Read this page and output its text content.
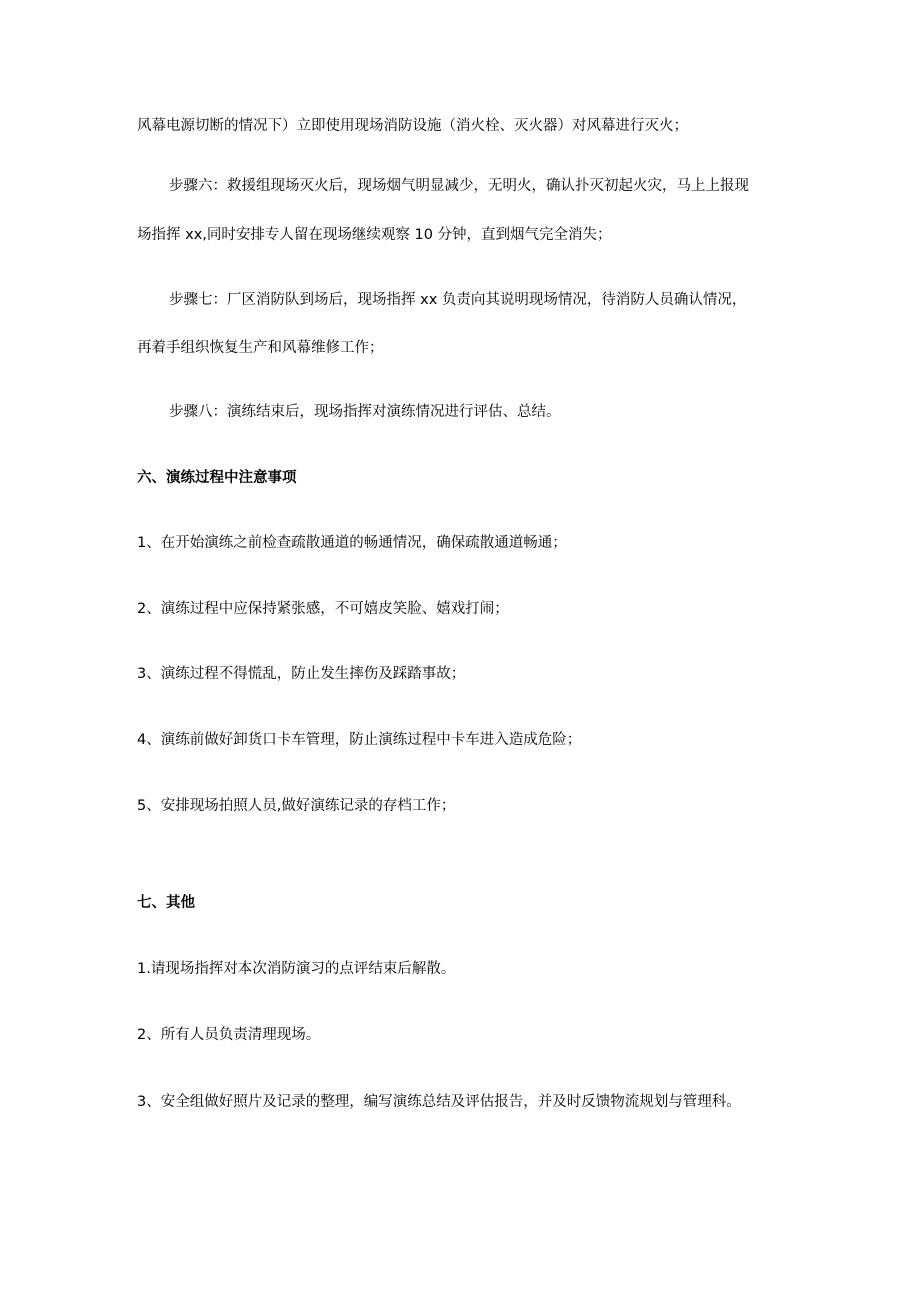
风幕电源切断的情况下）立即使用现场消防设施（消火栓、灭火器）对风幕进行灭火；

步骤六：救援组现场灭火后，现场烟气明显减少，无明火，确认扑灭初起火灾，马上上报现

场指挥 xx,同时安排专人留在现场继续观察 10 分钟，直到烟气完全消失；

步骤七：厂区消防队到场后，现场指挥 xx 负责向其说明现场情况，待消防人员确认情况，

再着手组织恢复生产和风幕维修工作；

步骤八：演练结束后，现场指挥对演练情况进行评估、总结。

六、演练过程中注意事项

1、在开始演练之前检查疏散通道的畅通情况，确保疏散通道畅通；

2、演练过程中应保持紧张感，不可嬉皮笑脸、嬉戏打闹；

3、演练过程不得慌乱，防止发生摔伤及踩踏事故；

4、演练前做好卸货口卡车管理，防止演练过程中卡车进入造成危险；

5、安排现场拍照人员,做好演练记录的存档工作；

七、其他

1.请现场指挥对本次消防演习的点评结束后解散。

2、所有人员负责清理现场。

3、安全组做好照片及记录的整理，编写演练总结及评估报告，并及时反馈物流规划与管理科。
